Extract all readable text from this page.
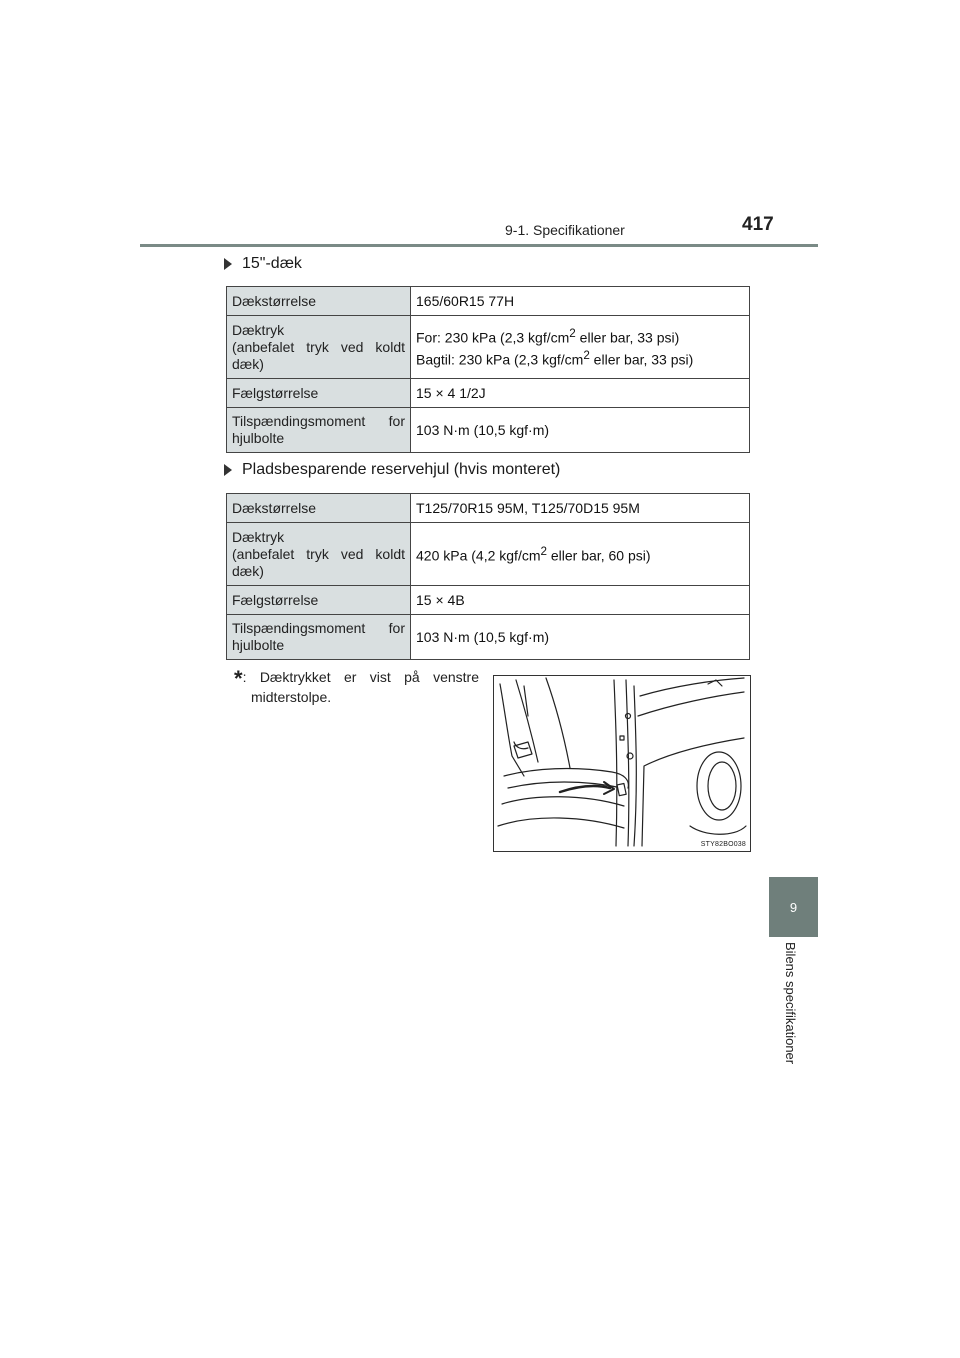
9-1. Specifikationer	417
15"-dæk
Dækstørrelse	165/60R15 77H

Dæktryk
(anbefalet tryk ved koldt
dæk)	For: 230 kPa (2,3 kgf/$cm^2$ eller bar, 33 psi)
Bagtil: 230 kPa (2,3 kgf/$cm^2$ eller bar, 33 psi)

Fælgstørrelse	15 × 4 1/2J

Tilspændingsmoment for
hjulbolte	103 N·m (10,5 kgf·m)
Pladsbesparende reservehjul (hvis monteret)
Dækstørrelse	T125/70R15 95M, T125/70D15 95M

Dæktryk
(anbefalet tryk ved koldt
dæk)	420 kPa (4,2 kgf/$cm^2$ eller bar, 60 psi)

Fælgstørrelse	15 × 4B

Tilspændingsmoment for
hjulbolte	103 N·m (10,5 kgf·m)
*: Dæktrykket er vist på venstre
midterstolpe.
STY82BO038
9
Bilens specifikationer
